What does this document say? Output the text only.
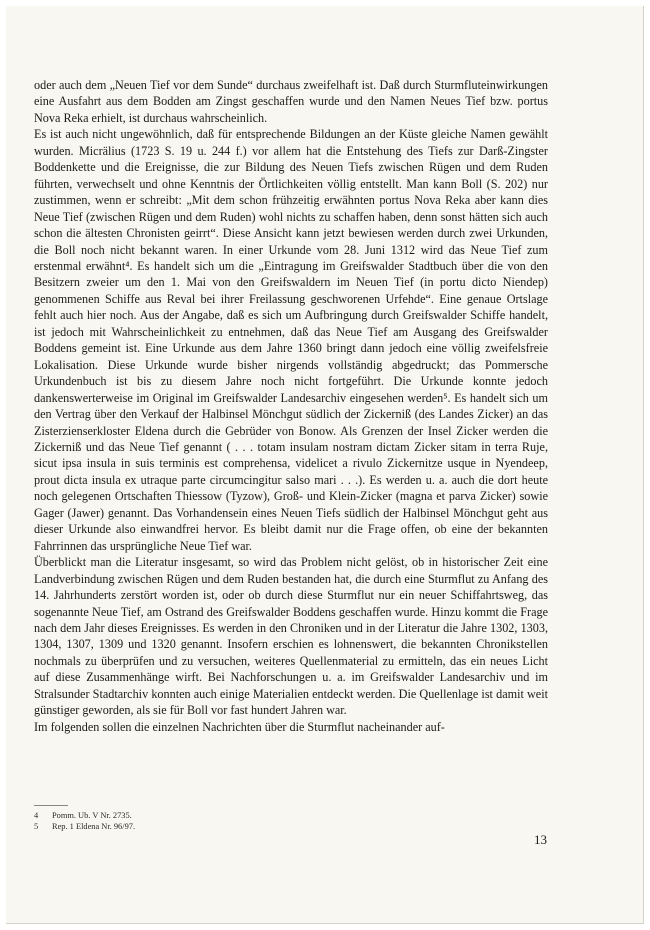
oder auch dem „Neuen Tief vor dem Sunde“ durchaus zweifelhaft ist. Daß durch Sturmfluteinwirkungen eine Ausfahrt aus dem Bodden am Zingst geschaffen wurde und den Namen Neues Tief bzw. portus Nova Reka erhielt, ist durchaus wahrscheinlich.

Es ist auch nicht ungewöhnlich, daß für entsprechende Bildungen an der Küste gleiche Namen gewählt wurden. Micrälius (1723 S. 19 u. 244 f.) vor allem hat die Entstehung des Tiefs zur Darß-Zingster Boddenkette und die Ereignisse, die zur Bildung des Neuen Tiefs zwischen Rügen und dem Ruden führten, verwechselt und ohne Kenntnis der Örtlichkeiten völlig entstellt. Man kann Boll (S. 202) nur zustimmen, wenn er schreibt: „Mit dem schon frühzeitig erwähnten portus Nova Reka aber kann dies Neue Tief (zwischen Rügen und dem Ruden) wohl nichts zu schaffen haben, denn sonst hätten sich auch schon die ältesten Chronisten geirrt“. Diese Ansicht kann jetzt bewiesen werden durch zwei Urkunden, die Boll noch nicht bekannt waren. In einer Urkunde vom 28. Juni 1312 wird das Neue Tief zum erstenmal erwähnt⁴. Es handelt sich um die „Eintragung im Greifswalder Stadtbuch über die von den Besitzern zweier um den 1. Mai von den Greifswaldern im Neuen Tief (in portu dicto Niendep) genommenen Schiffe aus Reval bei ihrer Freilassung geschworenen Urfehde“. Eine genaue Ortslage fehlt auch hier noch. Aus der Angabe, daß es sich um Aufbringung durch Greifswalder Schiffe handelt, ist jedoch mit Wahrscheinlichkeit zu entnehmen, daß das Neue Tief am Ausgang des Greifswalder Boddens gemeint ist. Eine Urkunde aus dem Jahre 1360 bringt dann jedoch eine völlig zweifelsfreie Lokalisation. Diese Urkunde wurde bisher nirgends vollständig abgedruckt; das Pommersche Urkundenbuch ist bis zu diesem Jahre noch nicht fortgeführt. Die Urkunde konnte jedoch dankenswerterweise im Original im Greifswalder Landesarchiv eingesehen werden⁵. Es handelt sich um den Vertrag über den Verkauf der Halbinsel Mönchgut südlich der Zickerniß (des Landes Zicker) an das Zisterzienserkloster Eldena durch die Gebrüder von Bonow. Als Grenzen der Insel Zicker werden die Zickerniß und das Neue Tief genannt ( . . . totam insulam nostram dictam Zicker sitam in terra Ruje, sicut ipsa insula in suis terminis est comprehensa, videlicet a rivulo Zickernitze usque in Nyendeep, prout dicta insula ex utraque parte circumcingitur salso mari . . .). Es werden u. a. auch die dort heute noch gelegenen Ortschaften Thiessow (Tyzow), Groß- und Klein-Zicker (magna et parva Zicker) sowie Gager (Jawer) genannt. Das Vorhandensein eines Neuen Tiefs südlich der Halbinsel Mönchgut geht aus dieser Urkunde also einwandfrei hervor. Es bleibt damit nur die Frage offen, ob eine der bekannten Fahrrinnen das ursprüngliche Neue Tief war.

Überblickt man die Literatur insgesamt, so wird das Problem nicht gelöst, ob in historischer Zeit eine Landverbindung zwischen Rügen und dem Ruden bestanden hat, die durch eine Sturmflut zu Anfang des 14. Jahrhunderts zerstört worden ist, oder ob durch diese Sturmflut nur ein neuer Schiffahrtsweg, das sogenannte Neue Tief, am Ostrand des Greifswalder Boddens geschaffen wurde. Hinzu kommt die Frage nach dem Jahr dieses Ereignisses. Es werden in den Chroniken und in der Literatur die Jahre 1302, 1303, 1304, 1307, 1309 und 1320 genannt. Insofern erschien es lohnenswert, die bekannten Chronikstellen nochmals zu überprüfen und zu versuchen, weiteres Quellenmaterial zu ermitteln, das ein neues Licht auf diese Zusammenhänge wirft. Bei Nachforschungen u. a. im Greifswalder Landesarchiv und im Stralsunder Stadtarchiv konnten auch einige Materialien entdeckt werden. Die Quellenlage ist damit weit günstiger geworden, als sie für Boll vor fast hundert Jahren war.

Im folgenden sollen die einzelnen Nachrichten über die Sturmflut nacheinander auf-

4 Pomm. Ub. V Nr. 2735.
5 Rep. 1 Eldena Nr. 96/97.
13
